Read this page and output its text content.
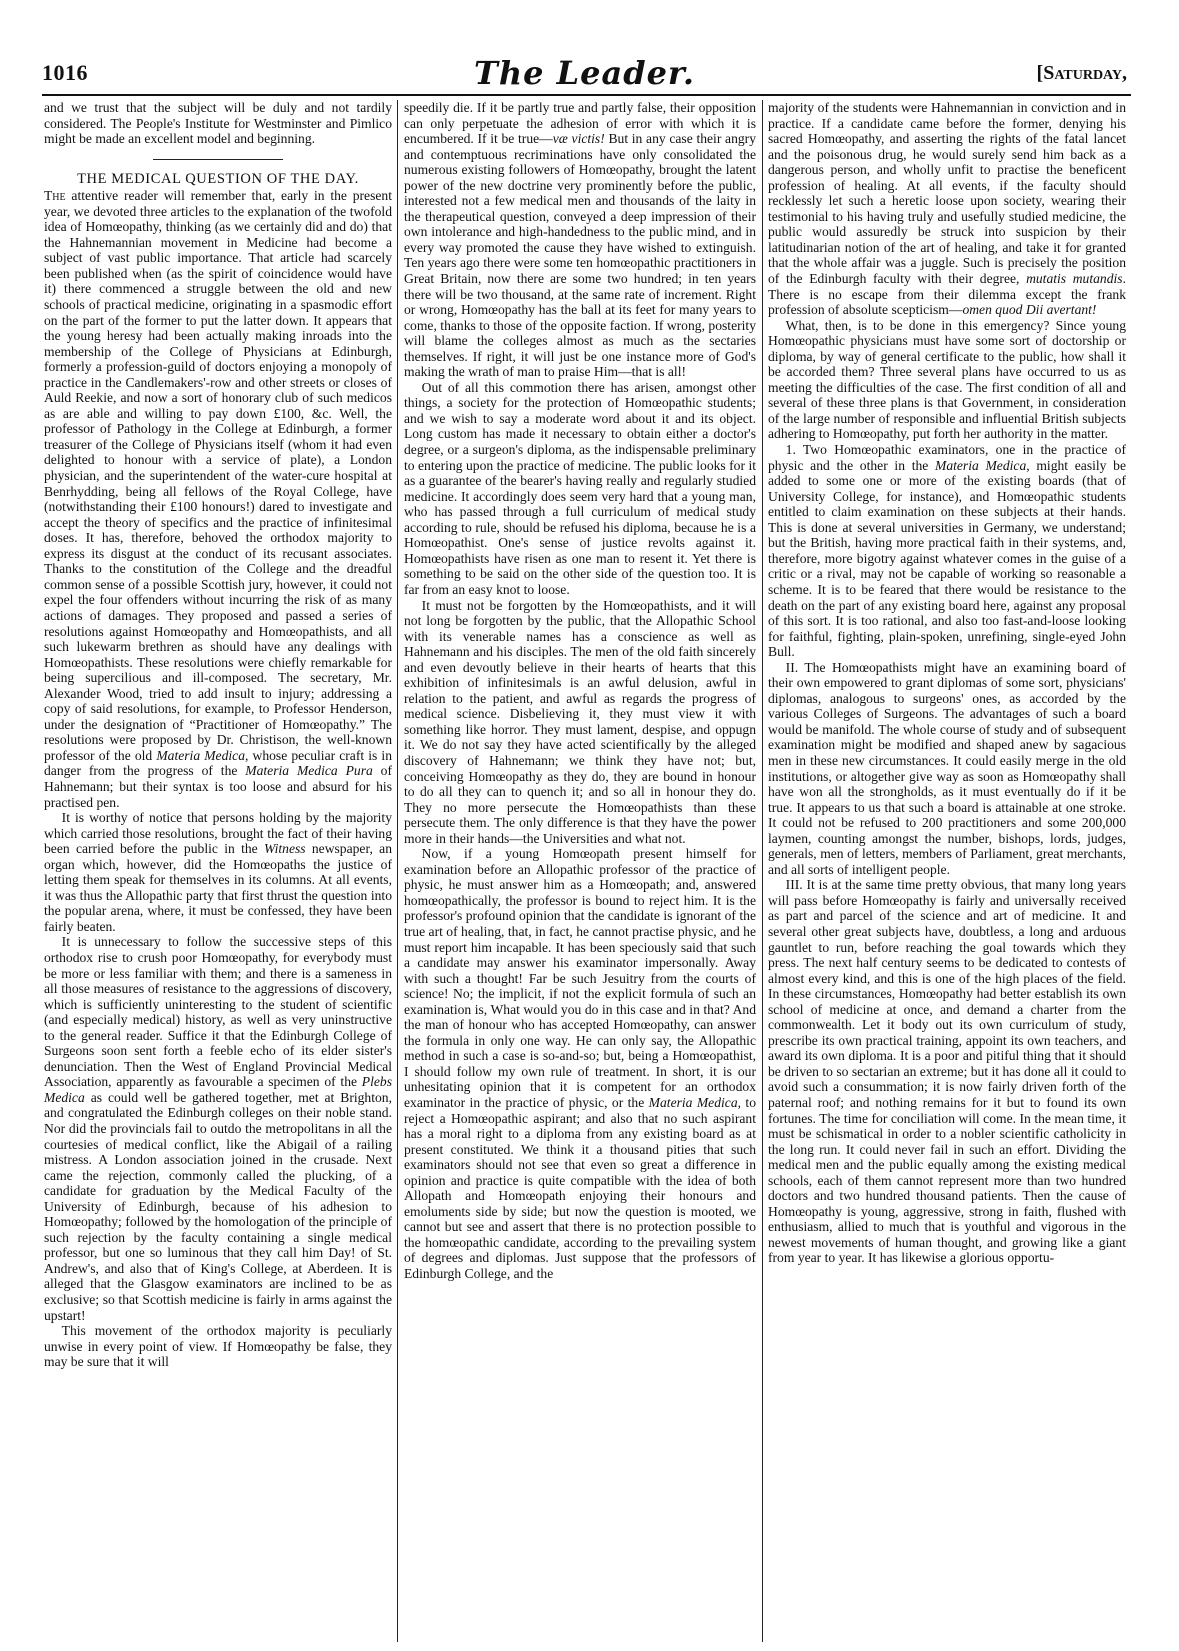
1016	The Leader.	[Saturday,

and we trust that the subject will be duly and not tardily considered. The People's Institute for Westminster and Pimlico might be made an excellent model and beginning.

THE MEDICAL QUESTION OF THE DAY.

The attentive reader will remember that, early in the present year, we devoted three articles to the explanation of the twofold idea of Homœopathy, thinking (as we certainly did and do) that the Hahnemannian movement in Medicine had become a subject of vast public importance. That article had scarcely been published when (as the spirit of coincidence would have it) there commenced a struggle between the old and new schools of practical medicine, originating in a spasmodic effort on the part of the former to put the latter down. It appears that the young heresy had been actually making inroads into the membership of the College of Physicians at Edinburgh, formerly a profession-guild of doctors enjoying a monopoly of practice in the Candlemakers'-row and other streets or closes of Auld Reekie, and now a sort of honorary club of such medicos as are able and willing to pay down £100, &c. Well, the professor of Pathology in the College at Edinburgh, a former treasurer of the College of Physicians itself (whom it had even delighted to honour with a service of plate), a London physician, and the superintendent of the water-cure hospital at Benrhydding, being all fellows of the Royal College, have (notwithstanding their £100 honours!) dared to investigate and accept the theory of specifics and the practice of infinitesimal doses. It has, therefore, behoved the orthodox majority to express its disgust at the conduct of its recusant associates. Thanks to the constitution of the College and the dreadful common sense of a possible Scottish jury, however, it could not expel the four offenders without incurring the risk of as many actions of damages. They proposed and passed a series of resolutions against Homœopathy and Homœopathists, and all such lukewarm brethren as should have any dealings with Homœopathists. These resolutions were chiefly remarkable for being supercilious and ill-composed. The secretary, Mr. Alexander Wood, tried to add insult to injury; addressing a copy of said resolutions, for example, to Professor Henderson, under the designation of “Practitioner of Homœopathy.” The resolutions were proposed by Dr. Christison, the well-known professor of the old Materia Medica, whose peculiar craft is in danger from the progress of the Materia Medica Pura of Hahnemann; but their syntax is too loose and absurd for his practised pen.

It is worthy of notice that persons holding by the majority which carried those resolutions, brought the fact of their having been carried before the public in the Witness newspaper, an organ which, however, did the Homœopaths the justice of letting them speak for themselves in its columns. At all events, it was thus the Allopathic party that first thrust the question into the popular arena, where, it must be confessed, they have been fairly beaten.

It is unnecessary to follow the successive steps of this orthodox rise to crush poor Homœopathy, for everybody must be more or less familiar with them; and there is a sameness in all those measures of resistance to the aggressions of discovery, which is sufficiently uninteresting to the student of scientific (and especially medical) history, as well as very uninstructive to the general reader. Suffice it that the Edinburgh College of Surgeons soon sent forth a feeble echo of its elder sister's denunciation. Then the West of England Provincial Medical Association, apparently as favourable a specimen of the Plebs Medica as could well be gathered together, met at Brighton, and congratulated the Edinburgh colleges on their noble stand. Nor did the provincials fail to outdo the metropolitans in all the courtesies of medical conflict, like the Abigail of a railing mistress. A London association joined in the crusade. Next came the rejection, commonly called the plucking, of a candidate for graduation by the Medical Faculty of the University of Edinburgh, because of his adhesion to Homœopathy; followed by the homologation of the principle of such rejection by the faculty containing a single medical professor, but one so luminous that they call him Day! of St. Andrew's, and also that of King's College, at Aberdeen. It is alleged that the Glasgow examinators are inclined to be as exclusive; so that Scottish medicine is fairly in arms against the upstart!

This movement of the orthodox majority is peculiarly unwise in every point of view. If Homœopathy be false, they may be sure that it will

speedily die. If it be partly true and partly false, their opposition can only perpetuate the adhesion of error with which it is encumbered. If it be true—væ victis! But in any case their angry and contemptuous recriminations have only consolidated the numerous existing followers of Homœopathy, brought the latent power of the new doctrine very prominently before the public, interested not a few medical men and thousands of the laity in the therapeutical question, conveyed a deep impression of their own intolerance and high-handedness to the public mind, and in every way promoted the cause they have wished to extinguish. Ten years ago there were some ten homœopathic practitioners in Great Britain, now there are some two hundred; in ten years there will be two thousand, at the same rate of increment. Right or wrong, Homœopathy has the ball at its feet for many years to come, thanks to those of the opposite faction. If wrong, posterity will blame the colleges almost as much as the sectaries themselves. If right, it will just be one instance more of God's making the wrath of man to praise Him—that is all!

Out of all this commotion there has arisen, amongst other things, a society for the protection of Homœopathic students; and we wish to say a moderate word about it and its object. Long custom has made it necessary to obtain either a doctor's degree, or a surgeon's diploma, as the indispensable preliminary to entering upon the practice of medicine. The public looks for it as a guarantee of the bearer's having really and regularly studied medicine. It accordingly does seem very hard that a young man, who has passed through a full curriculum of medical study according to rule, should be refused his diploma, because he is a Homœopathist. One's sense of justice revolts against it. Homœopathists have risen as one man to resent it. Yet there is something to be said on the other side of the question too. It is far from an easy knot to loose.

It must not be forgotten by the Homœopathists, and it will not long be forgotten by the public, that the Allopathic School with its venerable names has a conscience as well as Hahnemann and his disciples. The men of the old faith sincerely and even devoutly believe in their hearts of hearts that this exhibition of infinitesimals is an awful delusion, awful in relation to the patient, and awful as regards the progress of medical science. Disbelieving it, they must view it with something like horror. They must lament, despise, and oppugn it. We do not say they have acted scientifically by the alleged discovery of Hahnemann; we think they have not; but, conceiving Homœopathy as they do, they are bound in honour to do all they can to quench it; and so all in honour they do. They no more persecute the Homœopathists than these persecute them. The only difference is that they have the power more in their hands—the Universities and what not.

Now, if a young Homœopath present himself for examination before an Allopathic professor of the practice of physic, he must answer him as a Homœopath; and, answered homœopathically, the professor is bound to reject him. It is the professor's profound opinion that the candidate is ignorant of the true art of healing, that, in fact, he cannot practise physic, and he must report him incapable. It has been speciously said that such a candidate may answer his examinator impersonally. Away with such a thought! Far be such Jesuitry from the courts of science! No; the implicit, if not the explicit formula of such an examination is, What would you do in this case and in that? And the man of honour who has accepted Homœopathy, can answer the formula in only one way. He can only say, the Allopathic method in such a case is so-and-so; but, being a Homœopathist, I should follow my own rule of treatment. In short, it is our unhesitating opinion that it is competent for an orthodox examinator in the practice of physic, or the Materia Medica, to reject a Homœopathic aspirant; and also that no such aspirant has a moral right to a diploma from any existing board as at present constituted. We think it a thousand pities that such examinators should not see that even so great a difference in opinion and practice is quite compatible with the idea of both Allopath and Homœopath enjoying their honours and emoluments side by side; but now the question is mooted, we cannot but see and assert that there is no protection possible to the homœopathic candidate, according to the prevailing system of degrees and diplomas. Just suppose that the professors of Edinburgh College, and the

majority of the students were Hahnemannian in conviction and in practice. If a candidate came before the former, denying his sacred Homœopathy, and asserting the rights of the fatal lancet and the poisonous drug, he would surely send him back as a dangerous person, and wholly unfit to practise the beneficent profession of healing. At all events, if the faculty should recklessly let such a heretic loose upon society, wearing their testimonial to his having truly and usefully studied medicine, the public would assuredly be struck into suspicion by their latitudinarian notion of the art of healing, and take it for granted that the whole affair was a juggle. Such is precisely the position of the Edinburgh faculty with their degree, mutatis mutandis. There is no escape from their dilemma except the frank profession of absolute scepticism—omen quod Dii avertant!

What, then, is to be done in this emergency? Since young Homœopathic physicians must have some sort of doctorship or diploma, by way of general certificate to the public, how shall it be accorded them? Three several plans have occurred to us as meeting the difficulties of the case. The first condition of all and several of these three plans is that Government, in consideration of the large number of responsible and influential British subjects adhering to Homœopathy, put forth her authority in the matter.

1. Two Homœopathic examinators, one in the practice of physic and the other in the Materia Medica, might easily be added to some one or more of the existing boards (that of University College, for instance), and Homœopathic students entitled to claim examination on these subjects at their hands. This is done at several universities in Germany, we understand; but the British, having more practical faith in their systems, and, therefore, more bigotry against whatever comes in the guise of a critic or a rival, may not be capable of working so reasonable a scheme. It is to be feared that there would be resistance to the death on the part of any existing board here, against any proposal of this sort. It is too rational, and also too fast-and-loose looking for faithful, fighting, plain-spoken, unrefining, single-eyed John Bull.

II. The Homœopathists might have an examining board of their own empowered to grant diplomas of some sort, physicians' diplomas, analogous to surgeons' ones, as accorded by the various Colleges of Surgeons. The advantages of such a board would be manifold. The whole course of study and of subsequent examination might be modified and shaped anew by sagacious men in these new circumstances. It could easily merge in the old institutions, or altogether give way as soon as Homœopathy shall have won all the strongholds, as it must eventually do if it be true. It appears to us that such a board is attainable at one stroke. It could not be refused to 200 practitioners and some 200,000 laymen, counting amongst the number, bishops, lords, judges, generals, men of letters, members of Parliament, great merchants, and all sorts of intelligent people.

III. It is at the same time pretty obvious, that many long years will pass before Homœopathy is fairly and universally received as part and parcel of the science and art of medicine. It and several other great subjects have, doubtless, a long and arduous gauntlet to run, before reaching the goal towards which they press. The next half century seems to be dedicated to contests of almost every kind, and this is one of the high places of the field. In these circumstances, Homœopathy had better establish its own school of medicine at once, and demand a charter from the commonwealth. Let it body out its own curriculum of study, prescribe its own practical training, appoint its own teachers, and award its own diploma. It is a poor and pitiful thing that it should be driven to so sectarian an extreme; but it has done all it could to avoid such a consummation; it is now fairly driven forth of the paternal roof; and nothing remains for it but to found its own fortunes. The time for conciliation will come. In the mean time, it must be schismatical in order to a nobler scientific catholicity in the long run. It could never fail in such an effort. Dividing the medical men and the public equally among the existing medical schools, each of them cannot represent more than two hundred doctors and two hundred thousand patients. Then the cause of Homœopathy is young, aggressive, strong in faith, flushed with enthusiasm, allied to much that is youthful and vigorous in the newest movements of human thought, and growing like a giant from year to year. It has likewise a glorious opportu-
